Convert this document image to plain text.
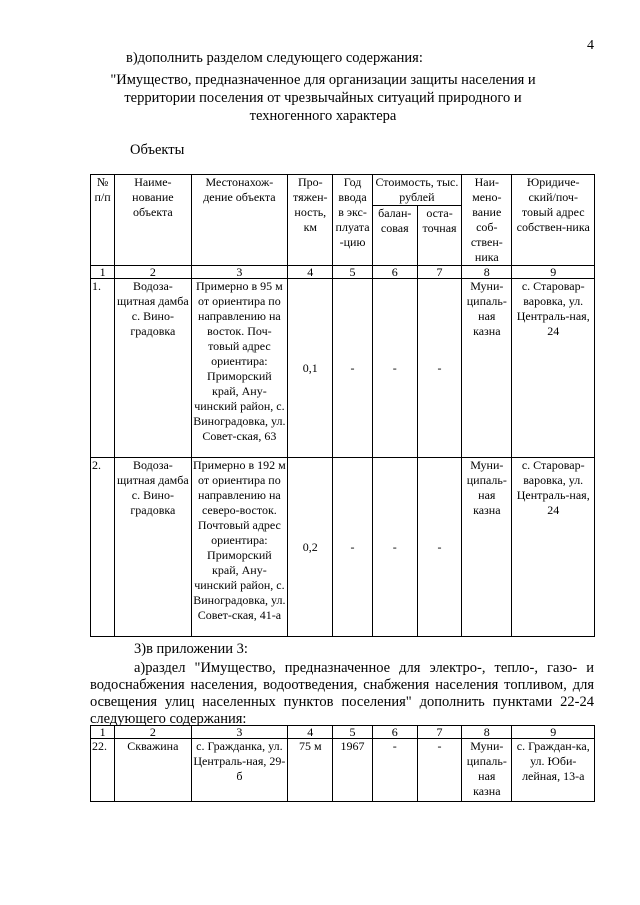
4
в)дополнить разделом следующего содержания:
"Имущество, предназначенное для организации защиты населения и
территории поселения от чрезвычайных ситуаций природного и
техногенного характера
Объекты
№ п/п	Наиме-нование объекта	Местонахож-дение объекта	Про-тяжен-ность, км	Год ввода в экс-плуата-цию	Стоимость, тыс. рублей		Наи-мено-вание соб-ствен-ника	Юридиче-ский/поч-товый адрес собствен-ника
					балан-совая	оста-точная		
1	2	3	4	5	6	7	8	9
1.	Водоза-щитная дамба с. Вино-градовка	Примерно в 95 м от ориентира по направлению на восток. Поч-товый адрес ориентира: Приморский край, Ану-чинский район, с. Виноградовка, ул. Совет-ская, 63	0,1	-	-	-	Муни-ципаль-ная казна	с. Старовар-варовка, ул. Централь-ная, 24
2.	Водоза-щитная дамба с. Вино-градовка	Примерно в 192 м от ориентира по направлению на северо-восток. Почтовый адрес ориентира: Приморский край, Ану-чинский район, с. Виноградовка, ул. Совет-ская, 41-а	0,2	-	-	-	Муни-ципаль-ная казна	с. Старовар-варовка, ул. Централь-ная, 24
3)в приложении 3:
а)раздел "Имущество, предназначенное для электро-, тепло-, газо- и водоснабжения населения, водоотведения, снабжения населения топливом, для освещения улиц населенных пунктов поселения" дополнить пунктами 22-24 следующего содержания:
1	2	3	4	5	6	7	8	9
22.	Скважина	с. Гражданка, ул. Централь-ная, 29-б	75 м	1967	-	-	Муни-ципаль-ная казна	с. Граждан-ка, ул. Юби-лейная, 13-а
